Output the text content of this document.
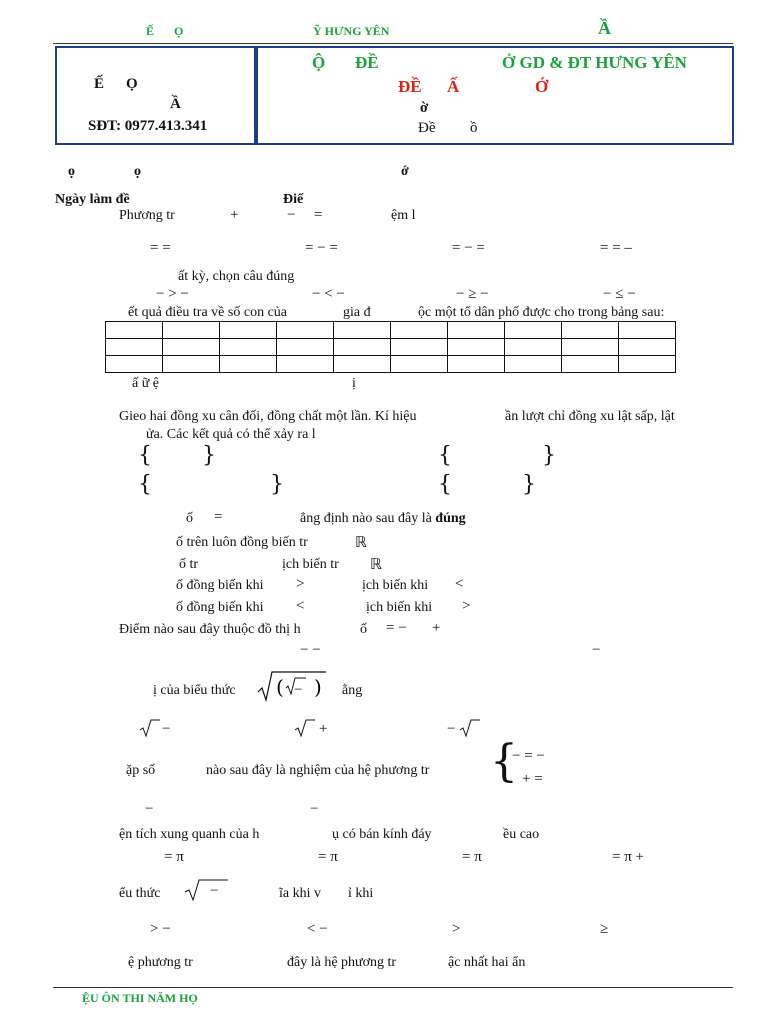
Ế Ọ	Ỹ HƯNG YÊN	Ầ
Ế Ọ
Ầ
SĐT: 0977.413.341
Ộ ĐỀ	Ở GD & ĐT HƯNG YÊN
ĐỀ Ấ	Ớ
ờ
Đề ồ
ọ	ọ	ớ
Ngày làm đề	Điể
Phương tr	+	− =	ệm l
= =	= − =	= − =	= = –
ất kỳ, chọn câu đúng
− > −	− < −	− ≥ −	− ≤ −
ết quả điều tra về số con của	gia đ	ộc một tổ dân phố được cho trong bảng sau:

ấ ữ ệ	ị
Gieo hai đồng xu cân đối, đồng chất một lần. Kí hiệu	ần lượt chỉ đồng xu lật sấp, lật
ửa. Các kết quả có thể xảy ra l
{ }	{	}
{	}	{	}
ố =	ẳng định nào sau đây là đúng
ố trên luôn đồng biến tr	ℝ
ố tr	ịch biến tr ℝ
ố đồng biến khi >	ịch biến khi <
ố đồng biến khi <	ịch biến khi >
Điểm nào sau đây thuộc đồ thị h	ố = − +
− −	−
ị của biểu thức ( )
−	ằng
−	+	−
ặp số	nào sau đây là nghiệm của hệ phương tr {
− = −
+ =
−	−
ện tích xung quanh của h	ụ có bán kính đáy	ều cao
= π	= π	= π	= π +
ểu thức	−	ĩa khi v ỉ khi
> −	< −	>	≥
ệ phương tr	đây là hệ phương tr	ậc nhất hai ẩn
ỆU ÔN THI NĂM HỌ
